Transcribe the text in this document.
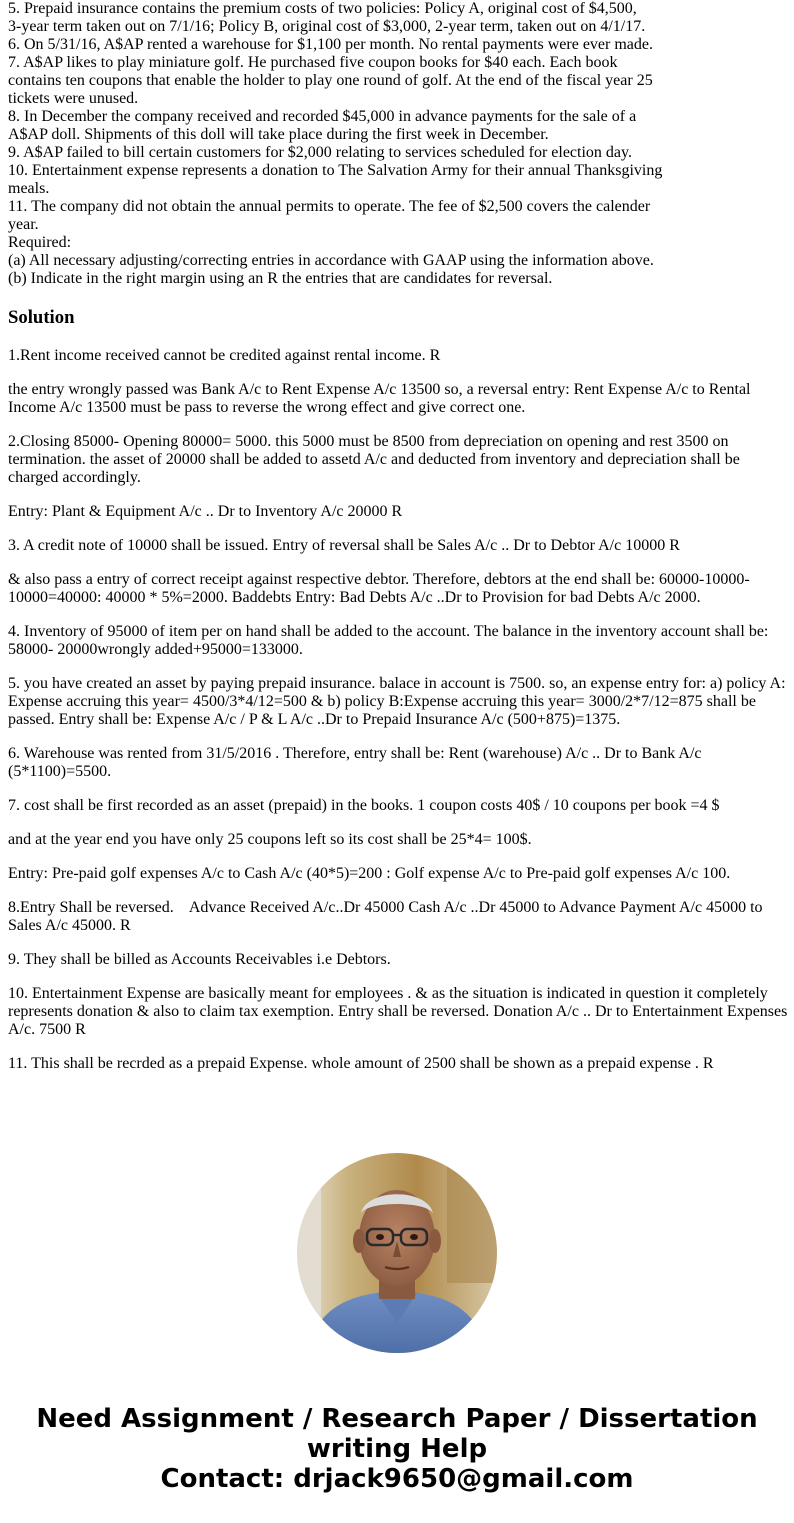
5. Prepaid insurance contains the premium costs of two policies: Policy A, original cost of $4,500,
3-year term taken out on 7/1/16; Policy B, original cost of $3,000, 2-year term, taken out on 4/1/17.
6. On 5/31/16, A$AP rented a warehouse for $1,100 per month. No rental payments were ever made.
7. A$AP likes to play miniature golf. He purchased five coupon books for $40 each. Each book
contains ten coupons that enable the holder to play one round of golf. At the end of the fiscal year 25
tickets were unused.
8. In December the company received and recorded $45,000 in advance payments for the sale of a
A$AP doll. Shipments of this doll will take place during the first week in December.
9. A$AP failed to bill certain customers for $2,000 relating to services scheduled for election day.
10. Entertainment expense represents a donation to The Salvation Army for their annual Thanksgiving
meals.
11. The company did not obtain the annual permits to operate. The fee of $2,500 covers the calender
year.
Required:
(a) All necessary adjusting/correcting entries in accordance with GAAP using the information above.
(b) Indicate in the right margin using an R the entries that are candidates for reversal.
Solution

1.Rent income received cannot be credited against rental income. R

the entry wrongly passed was Bank A/c to Rent Expense A/c 13500 so, a reversal entry: Rent Expense A/c to Rental Income A/c 13500 must be pass to reverse the wrong effect and give correct one.

2.Closing 85000- Opening 80000= 5000. this 5000 must be 8500 from depreciation on opening and rest 3500 on termination. the asset of 20000 shall be added to assetd A/c and deducted from inventory and depreciation shall be charged accordingly.

Entry: Plant & Equipment A/c .. Dr to Inventory A/c 20000 R

3. A credit note of 10000 shall be issued. Entry of reversal shall be Sales A/c .. Dr to Debtor A/c 10000 R

& also pass a entry of correct receipt against respective debtor. Therefore, debtors at the end shall be: 60000-10000-10000=40000: 40000 * 5%=2000. Baddebts Entry: Bad Debts A/c ..Dr to Provision for bad Debts A/c 2000.

4. Inventory of 95000 of item per on hand shall be added to the account. The balance in the inventory account shall be: 58000- 20000wrongly added+95000=133000.

5. you have created an asset by paying prepaid insurance. balace in account is 7500. so, an expense entry for: a) policy A: Expense accruing this year= 4500/3*4/12=500 & b) policy B:Expense accruing this year= 3000/2*7/12=875 shall be passed. Entry shall be: Expense A/c / P & L A/c ..Dr to Prepaid Insurance A/c (500+875)=1375.

6. Warehouse was rented from 31/5/2016 . Therefore, entry shall be: Rent (warehouse) A/c .. Dr to Bank A/c (5*1100)=5500.

7. cost shall be first recorded as an asset (prepaid) in the books. 1 coupon costs 40$ / 10 coupons per book =4 $

and at the year end you have only 25 coupons left so its cost shall be 25*4= 100$.

Entry: Pre-paid golf expenses A/c to Cash A/c (40*5)=200 : Golf expense A/c to Pre-paid golf expenses A/c 100.

8.Entry Shall be reversed.    Advance Received A/c..Dr 45000 Cash A/c ..Dr 45000 to Advance Payment A/c 45000 to Sales A/c 45000. R

9. They shall be billed as Accounts Receivables i.e Debtors.

10. Entertainment Expense are basically meant for employees . & as the situation is indicated in question it completely represents donation & also to claim tax exemption. Entry shall be reversed. Donation A/c .. Dr to Entertainment Expenses A/c. 7500 R

11. This shall be recrded as a prepaid Expense. whole amount of 2500 shall be shown as a prepaid expense . R

Need Assignment / Research Paper / Dissertation
writing Help
Contact: drjack9650@gmail.com
